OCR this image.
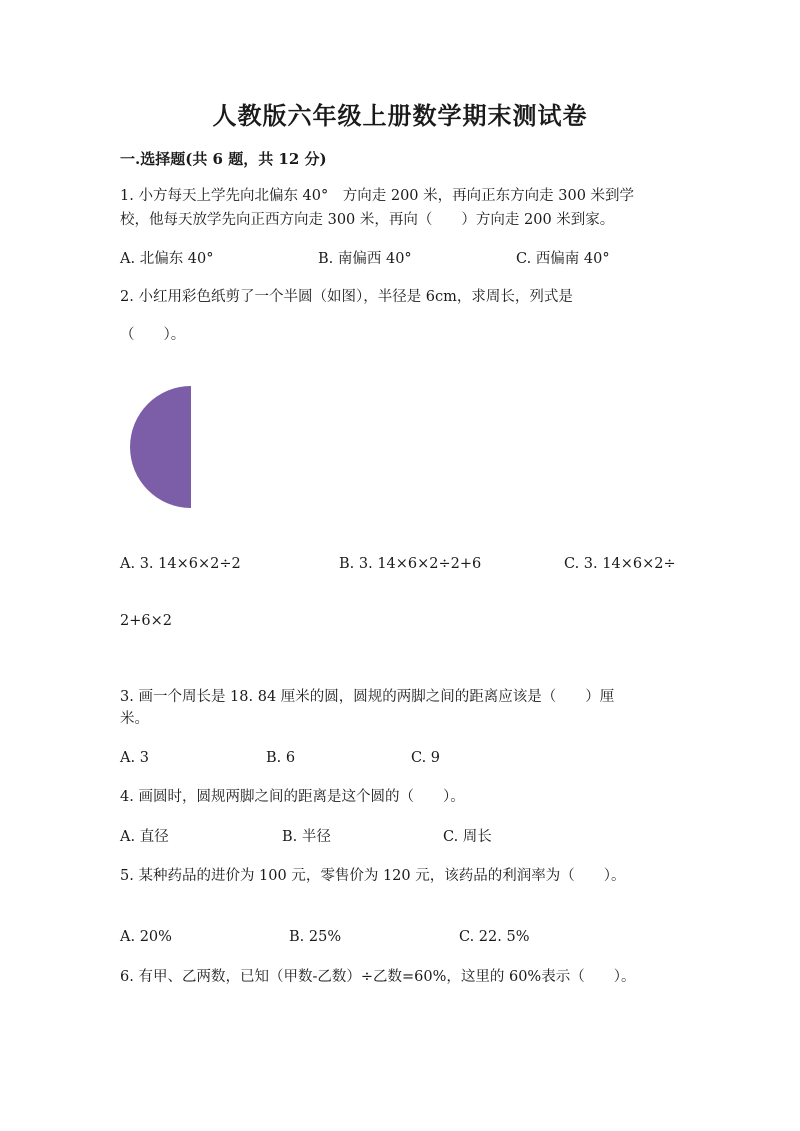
人教版六年级上册数学期末测试卷
一.选择题(共 6 题，共 12 分)
1. 小方每天上学先向北偏东 40°　方向走 200 米，再向正东方向走 300 米到学
校，他每天放学先向正西方向走 300 米，再向（　　）方向走 200 米到家。
A. 北偏东 40°	B. 南偏西 40°	C. 西偏南 40°
2. 小红用彩色纸剪了一个半圆（如图），半径是 6cm，求周长，列式是
（　　）。
A. 3. 14×6×2÷2	B. 3. 14×6×2÷2+6	C. 3. 14×6×2÷
2+6×2
3. 画一个周长是 18. 84 厘米的圆，圆规的两脚之间的距离应该是（　　）厘
米。
A. 3	B. 6	C. 9
4. 画圆时，圆规两脚之间的距离是这个圆的（　　）。
A. 直径	B. 半径	C. 周长
5. 某种药品的进价为 100 元，零售价为 120 元，该药品的利润率为（　　）。
A. 20%	B. 25%	C. 22. 5%
6. 有甲、乙两数，已知（甲数-乙数）÷乙数=60%，这里的 60%表示（　　）。
